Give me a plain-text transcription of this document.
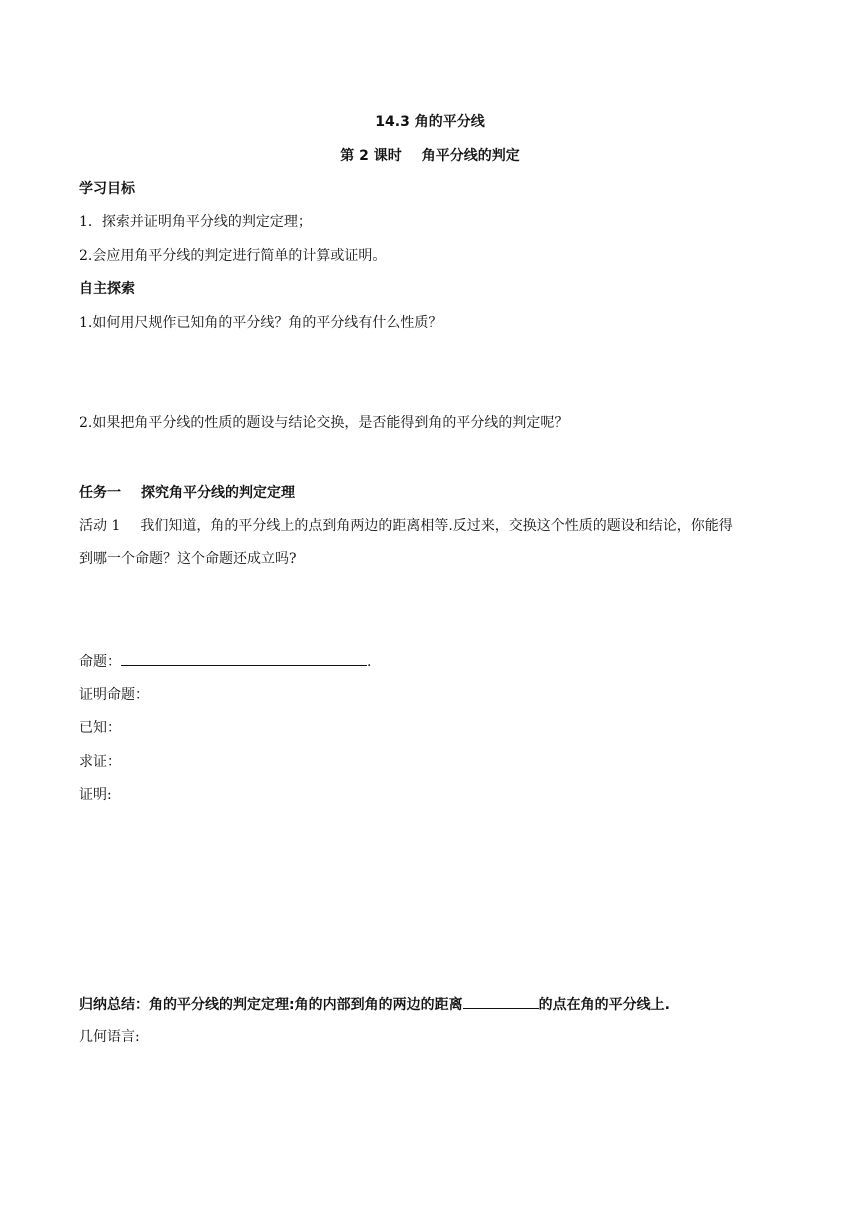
14.3 角的平分线
第 2 课时 角平分线的判定
学习目标
1．探索并证明角平分线的判定定理；
2.会应用角平分线的判定进行简单的计算或证明。
自主探索
1.如何用尺规作已知角的平分线？角的平分线有什么性质？
2.如果把角平分线的性质的题设与结论交换，是否能得到角的平分线的判定呢？
任务一 探究角平分线的判定定理
活动 1 我们知道，角的平分线上的点到角两边的距离相等.反过来，交换这个性质的题设和结论，你能得
到哪一个命题？这个命题还成立吗?
命题：	.
证明命题：
已知：
求证：
证明:
归纳总结：角的平分线的判定定理:角的内部到角的两边的距离	的点在角的平分线上.
几何语言:
